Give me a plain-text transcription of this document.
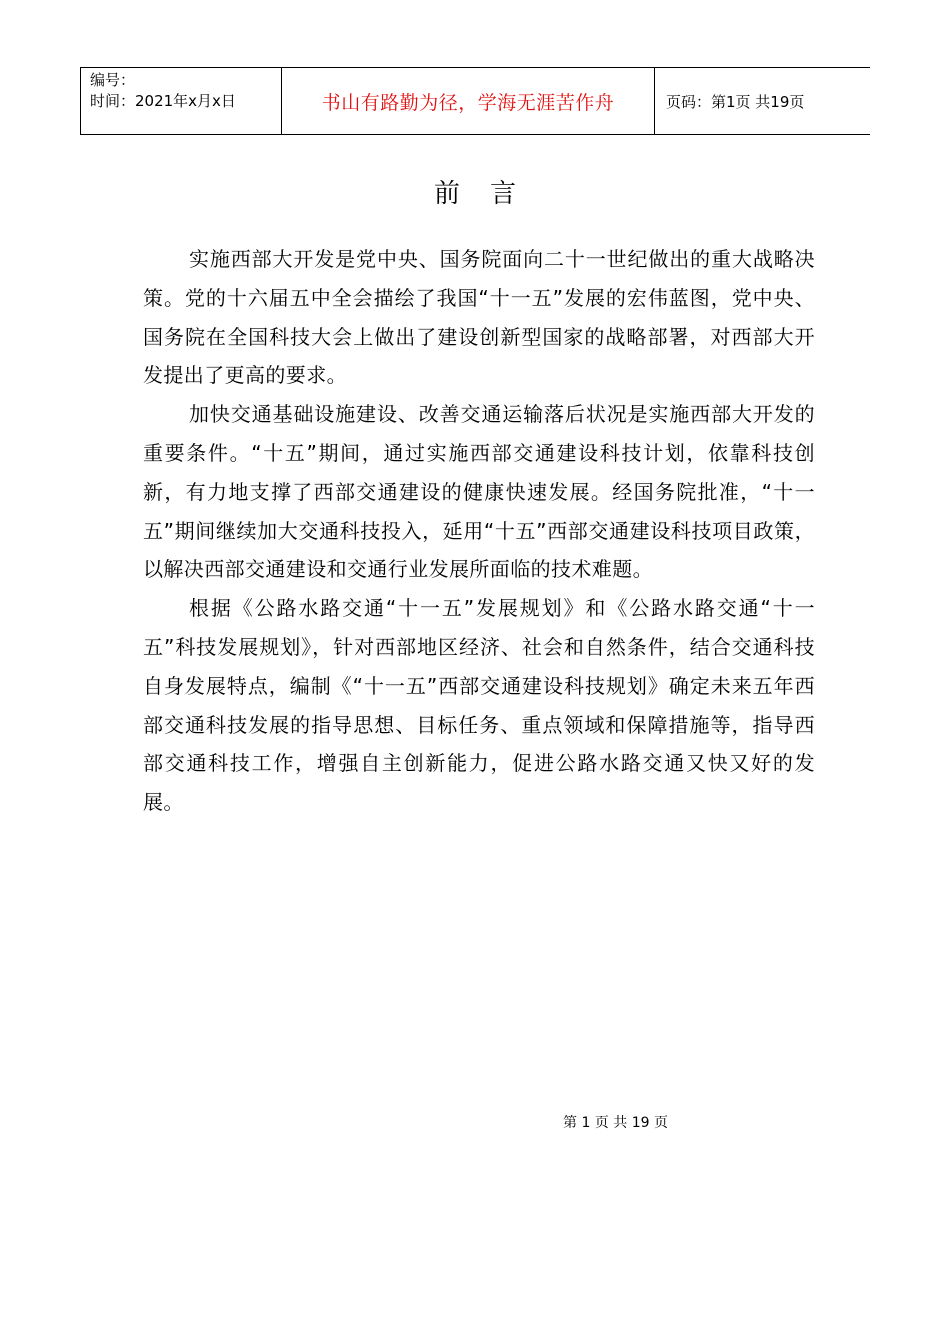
编号：
时间：2021年x月x日	书山有路勤为径，学海无涯苦作舟	页码：第1页 共19页
前言

实施西部大开发是党中央、国务院面向二十一世纪做出的重大战略决策。党的十六届五中全会描绘了我国“十一五”发展的宏伟蓝图，党中央、国务院在全国科技大会上做出了建设创新型国家的战略部署，对西部大开发提出了更高的要求。

加快交通基础设施建设、改善交通运输落后状况是实施西部大开发的重要条件。“十五”期间，通过实施西部交通建设科技计划，依靠科技创新，有力地支撑了西部交通建设的健康快速发展。经国务院批准，“十一五”期间继续加大交通科技投入，延用“十五”西部交通建设科技项目政策，以解决西部交通建设和交通行业发展所面临的技术难题。

根据《公路水路交通“十一五”发展规划》和《公路水路交通“十一五”科技发展规划》，针对西部地区经济、社会和自然条件，结合交通科技自身发展特点，编制《“十一五”西部交通建设科技规划》确定未来五年西部交通科技发展的指导思想、目标任务、重点领域和保障措施等，指导西部交通科技工作，增强自主创新能力，促进公路水路交通又快又好的发展。

第 1 页 共 19 页
